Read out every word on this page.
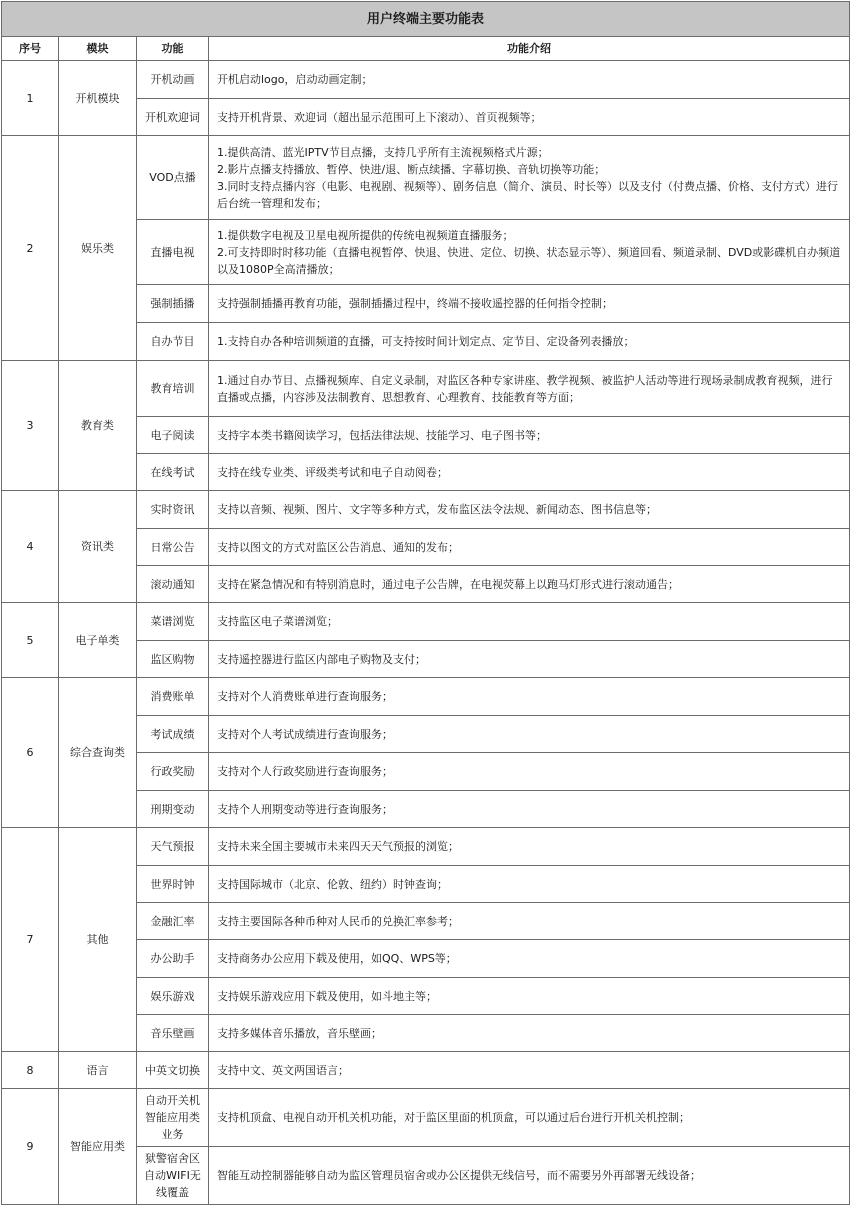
用户终端主要功能表			
序号	模块	功能	功能介绍
1	开机模块	开机动画	开机启动logo，启动动画定制；
		开机欢迎词	支持开机背景、欢迎词（超出显示范围可上下滚动）、首页视频等；
2	娱乐类	VOD点播	1.提供高清、蓝光IPTV节目点播，支持几乎所有主流视频格式片源；
2.影片点播支持播放、暂停、快进/退、断点续播、字幕切换、音轨切换等功能；
3.同时支持点播内容（电影、电视剧、视频等）、剧务信息（简介、演员、时长等）以及支付（付费点播、价格、支付方式）进行后台统一管理和发布；
		直播电视	1.提供数字电视及卫星电视所提供的传统电视频道直播服务；
2.可支持即时时移功能（直播电视暂停、快退、快进、定位、切换、状态显示等）、频道回看、频道录制、DVD或影碟机自办频道以及1080P全高清播放；
		强制插播	支持强制插播再教育功能，强制插播过程中，终端不接收遥控器的任何指令控制；
		自办节目	1.支持自办各种培训频道的直播，可支持按时间计划定点、定节目、定设备列表播放；
3	教育类	教育培训	1.通过自办节目、点播视频库、自定义录制，对监区各种专家讲座、教学视频、被监护人活动等进行现场录制成教育视频，进行直播或点播，内容涉及法制教育、思想教育、心理教育、技能教育等方面；
		电子阅读	支持字本类书籍阅读学习，包括法律法规、技能学习、电子图书等；
		在线考试	支持在线专业类、评级类考试和电子自动阅卷；
4	资讯类	实时资讯	支持以音频、视频、图片、文字等多种方式，发布监区法令法规、新闻动态、图书信息等；
		日常公告	支持以图文的方式对监区公告消息、通知的发布；
		滚动通知	支持在紧急情况和有特别消息时，通过电子公告牌，在电视荧幕上以跑马灯形式进行滚动通告；
5	电子单类	菜谱浏览	支持监区电子菜谱浏览；
		监区购物	支持遥控器进行监区内部电子购物及支付；
6	综合查询类	消费账单	支持对个人消费账单进行查询服务；
		考试成绩	支持对个人考试成绩进行查询服务；
		行政奖励	支持对个人行政奖励进行查询服务；
		刑期变动	支持个人刑期变动等进行查询服务；
7	其他	天气预报	支持未来全国主要城市未来四天天气预报的浏览；
		世界时钟	支持国际城市（北京、伦敦、纽约）时钟查询；
		金融汇率	支持主要国际各种币种对人民币的兑换汇率参考；
		办公助手	支持商务办公应用下载及使用，如QQ、WPS等；
		娱乐游戏	支持娱乐游戏应用下载及使用，如斗地主等；
		音乐壁画	支持多媒体音乐播放，音乐壁画；
8	语言	中英文切换	支持中文、英文两国语言；
9	智能应用类	自动开关机智能应用类业务	支持机顶盒、电视自动开机关机功能，对于监区里面的机顶盒，可以通过后台进行开机关机控制；
		狱警宿舍区自动WIFI无线覆盖	智能互动控制器能够自动为监区管理员宿舍或办公区提供无线信号，而不需要另外再部署无线设备；
